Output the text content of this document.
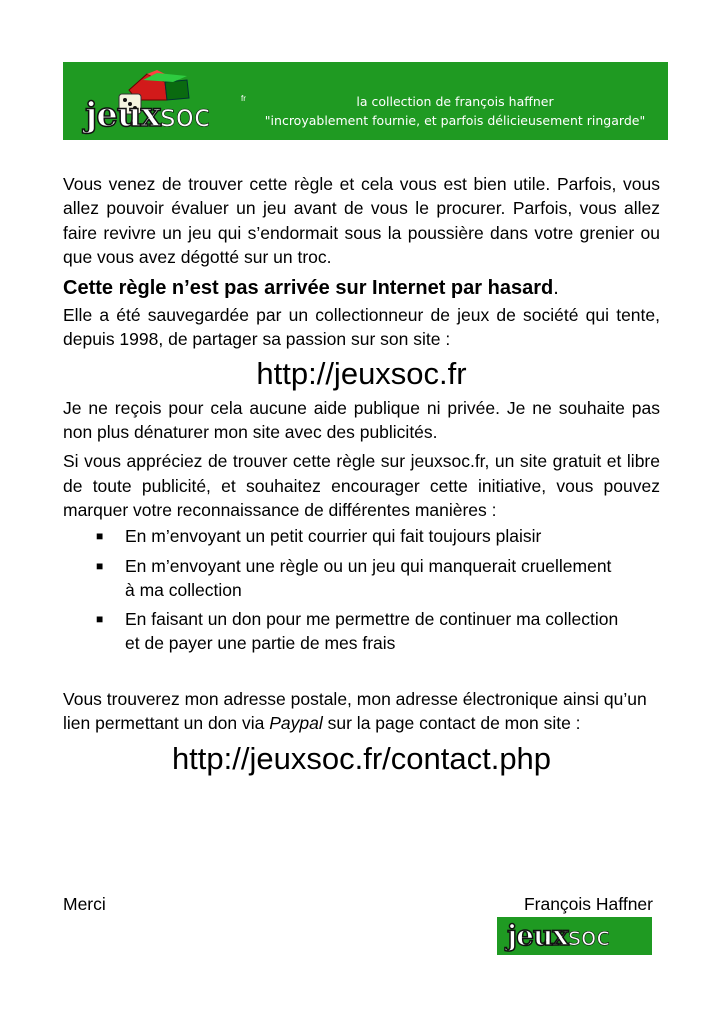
jeuxsoc
fr	la collection de françois haffner
"incroyablement fournie, et parfois délicieusement ringarde"

Vous venez de trouver cette règle et cela vous est bien utile. Parfois, vous allez pouvoir évaluer un jeu avant de vous le procurer. Parfois, vous allez faire revivre un jeu qui s’endormait sous la poussière dans votre grenier ou que vous avez dégotté sur un troc.

Cette règle n’est pas arrivée sur Internet par hasard.

Elle a été sauvegardée par un collectionneur de jeux de société qui tente, depuis 1998, de partager sa passion sur son site :

http://jeuxsoc.fr

Je ne reçois pour cela aucune aide publique ni privée. Je ne souhaite pas non plus dénaturer mon site avec des publicités.

Si vous appréciez de trouver cette règle sur jeuxsoc.fr, un site gratuit et libre de toute publicité, et souhaitez encourager cette initiative, vous pouvez marquer votre reconnaissance de différentes manières :

■ En m’envoyant un petit courrier qui fait toujours plaisir
■ En m’envoyant une règle ou un jeu qui manquerait cruellement à ma collection
■ En faisant un don pour me permettre de continuer ma collection et de payer une partie de mes frais

Vous trouverez mon adresse postale, mon adresse électronique ainsi qu’un lien permettant un don via Paypal sur la page contact de mon site :

http://jeuxsoc.fr/contact.php
Merci	François Haffner
jeuxsoc
